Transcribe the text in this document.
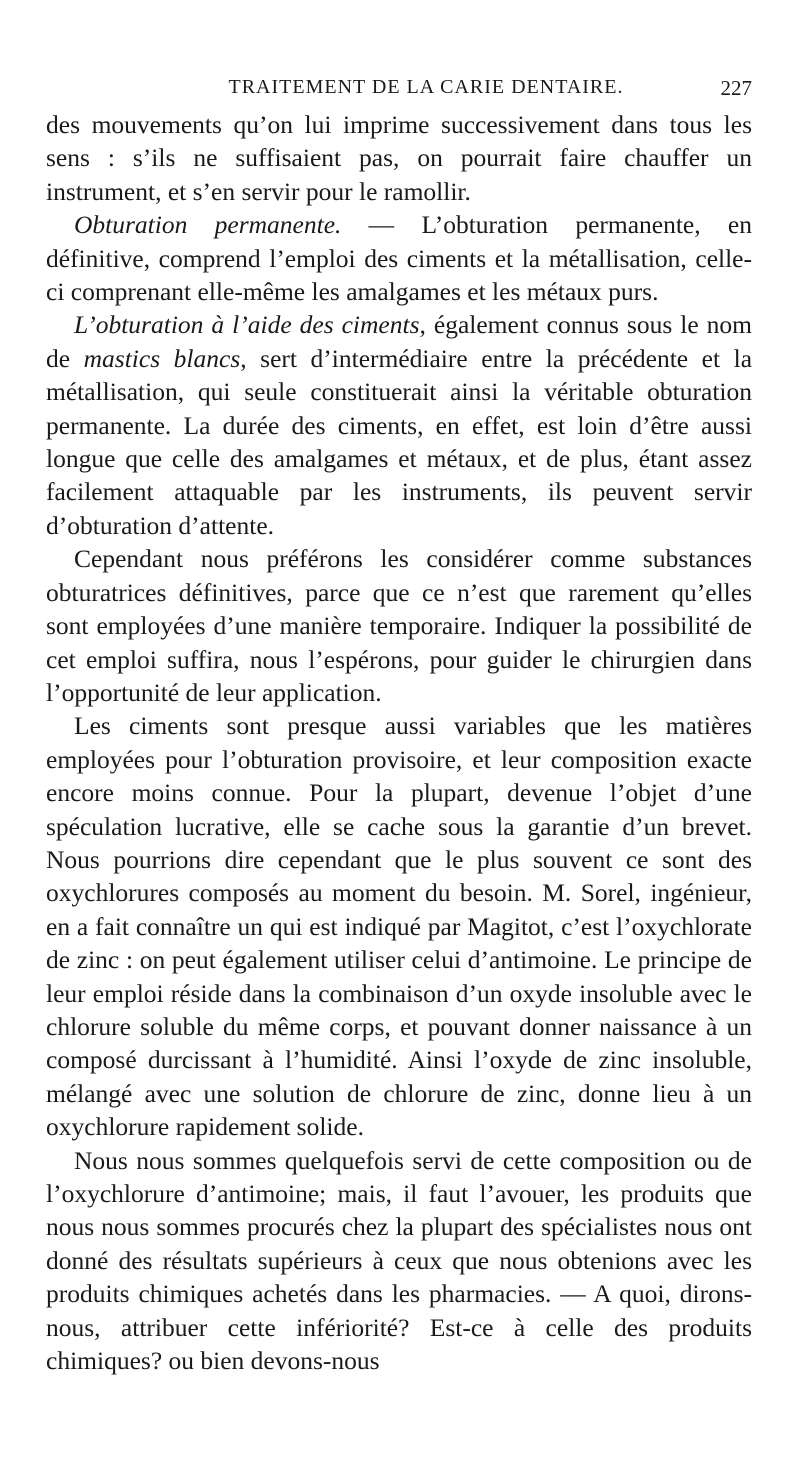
TRAITEMENT DE LA CARIE DENTAIRE.	227

des mouvements qu’on lui imprime successivement dans tous les sens : s’ils ne suffisaient pas, on pourrait faire chauffer un instrument, et s’en servir pour le ramollir.

Obturation permanente. — L’obturation permanente, en définitive, comprend l’emploi des ciments et la métallisation, celle-ci comprenant elle-même les amalgames et les métaux purs.

L’obturation à l’aide des ciments, également connus sous le nom de mastics blancs, sert d’intermédiaire entre la précédente et la métallisation, qui seule constituerait ainsi la véritable obturation permanente. La durée des ciments, en effet, est loin d’être aussi longue que celle des amalgames et métaux, et de plus, étant assez facilement attaquable par les instruments, ils peuvent servir d’obturation d’attente.

Cependant nous préférons les considérer comme substances obturatrices définitives, parce que ce n’est que rarement qu’elles sont employées d’une manière temporaire. Indiquer la possibilité de cet emploi suffira, nous l’espérons, pour guider le chirurgien dans l’opportunité de leur application.

Les ciments sont presque aussi variables que les matières employées pour l’obturation provisoire, et leur composition exacte encore moins connue. Pour la plupart, devenue l’objet d’une spéculation lucrative, elle se cache sous la garantie d’un brevet. Nous pourrions dire cependant que le plus souvent ce sont des oxychlorures composés au moment du besoin. M. Sorel, ingénieur, en a fait connaître un qui est indiqué par Magitot, c’est l’oxychlorate de zinc : on peut également utiliser celui d’antimoine. Le principe de leur emploi réside dans la combinaison d’un oxyde insoluble avec le chlorure soluble du même corps, et pouvant donner naissance à un composé durcissant à l’humidité. Ainsi l’oxyde de zinc insoluble, mélangé avec une solution de chlorure de zinc, donne lieu à un oxychlorure rapidement solide.

Nous nous sommes quelquefois servi de cette composition ou de l’oxychlorure d’antimoine; mais, il faut l’avouer, les produits que nous nous sommes procurés chez la plupart des spécialistes nous ont donné des résultats supérieurs à ceux que nous obtenions avec les produits chimiques achetés dans les pharmacies. — A quoi, dirons-nous, attribuer cette infériorité? Est-ce à celle des produits chimiques? ou bien devons-nous
